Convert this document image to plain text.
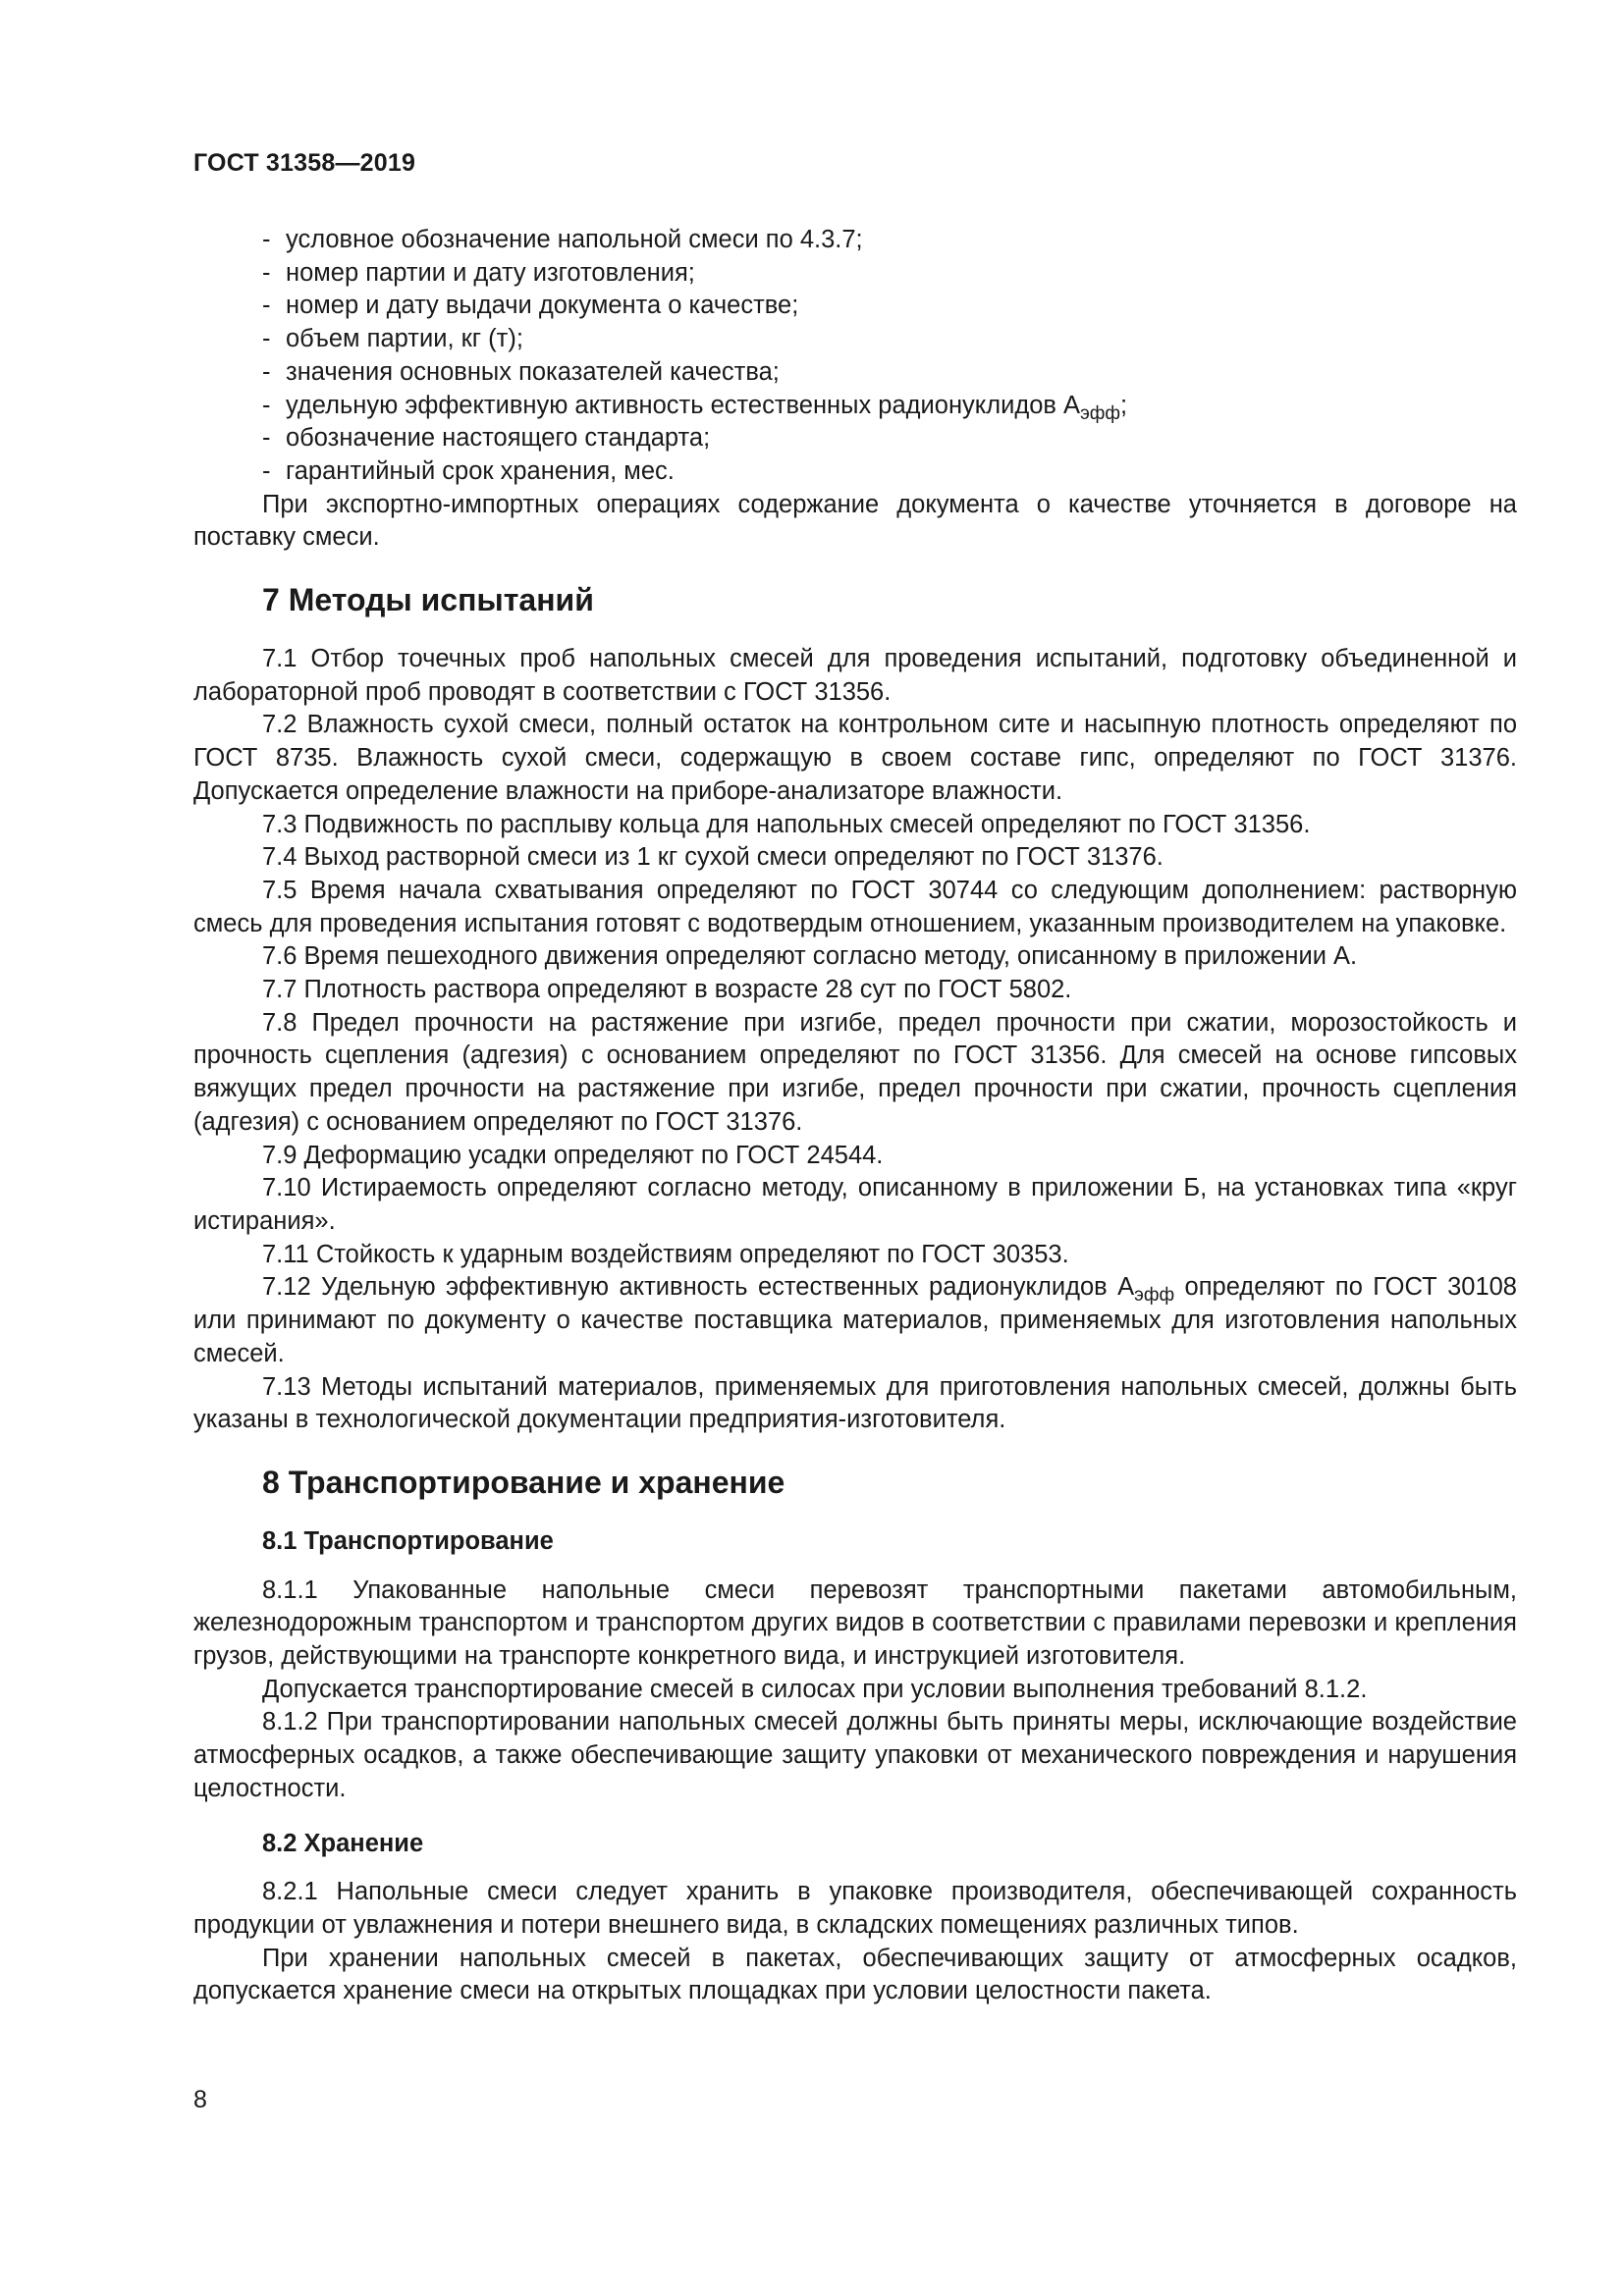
ГОСТ 31358—2019
- условное обозначение напольной смеси по 4.3.7;
- номер партии и дату изготовления;
- номер и дату выдачи документа о качестве;
- объем партии, кг (т);
- значения основных показателей качества;
- удельную эффективную активность естественных радионуклидов $А_{эфф}$;
- обозначение настоящего стандарта;
- гарантийный срок хранения, мес.

При экспортно-импортных операциях содержание документа о качестве уточняется в договоре на поставку смеси.

7 Методы испытаний

7.1 Отбор точечных проб напольных смесей для проведения испытаний, подготовку объединенной и лабораторной проб проводят в соответствии с ГОСТ 31356.

7.2 Влажность сухой смеси, полный остаток на контрольном сите и насыпную плотность определяют по ГОСТ 8735. Влажность сухой смеси, содержащую в своем составе гипс, определяют по ГОСТ 31376. Допускается определение влажности на приборе-анализаторе влажности.

7.3 Подвижность по расплыву кольца для напольных смесей определяют по ГОСТ 31356.

7.4 Выход растворной смеси из 1 кг сухой смеси определяют по ГОСТ 31376.

7.5 Время начала схватывания определяют по ГОСТ 30744 со следующим дополнением: растворную смесь для проведения испытания готовят с водотвердым отношением, указанным производителем на упаковке.

7.6 Время пешеходного движения определяют согласно методу, описанному в приложении А.

7.7 Плотность раствора определяют в возрасте 28 сут по ГОСТ 5802.

7.8 Предел прочности на растяжение при изгибе, предел прочности при сжатии, морозостойкость и прочность сцепления (адгезия) с основанием определяют по ГОСТ 31356. Для смесей на основе гипсовых вяжущих предел прочности на растяжение при изгибе, предел прочности при сжатии, прочность сцепления (адгезия) с основанием определяют по ГОСТ 31376.

7.9 Деформацию усадки определяют по ГОСТ 24544.

7.10 Истираемость определяют согласно методу, описанному в приложении Б, на установках типа «круг истирания».

7.11 Стойкость к ударным воздействиям определяют по ГОСТ 30353.

7.12 Удельную эффективную активность естественных радионуклидов $А_{эфф}$ определяют по ГОСТ 30108 или принимают по документу о качестве поставщика материалов, применяемых для изготовления напольных смесей.

7.13 Методы испытаний материалов, применяемых для приготовления напольных смесей, должны быть указаны в технологической документации предприятия-изготовителя.

8 Транспортирование и хранение
8.1 Транспортирование

8.1.1 Упакованные напольные смеси перевозят транспортными пакетами автомобильным, железнодорожным транспортом и транспортом других видов в соответствии с правилами перевозки и крепления грузов, действующими на транспорте конкретного вида, и инструкцией изготовителя.

Допускается транспортирование смесей в силосах при условии выполнения требований 8.1.2.

8.1.2 При транспортировании напольных смесей должны быть приняты меры, исключающие воздействие атмосферных осадков, а также обеспечивающие защиту упаковки от механического повреждения и нарушения целостности.

8.2 Хранение

8.2.1 Напольные смеси следует хранить в упаковке производителя, обеспечивающей сохранность продукции от увлажнения и потери внешнего вида, в складских помещениях различных типов.

При хранении напольных смесей в пакетах, обеспечивающих защиту от атмосферных осадков, допускается хранение смеси на открытых площадках при условии целостности пакета.

8
